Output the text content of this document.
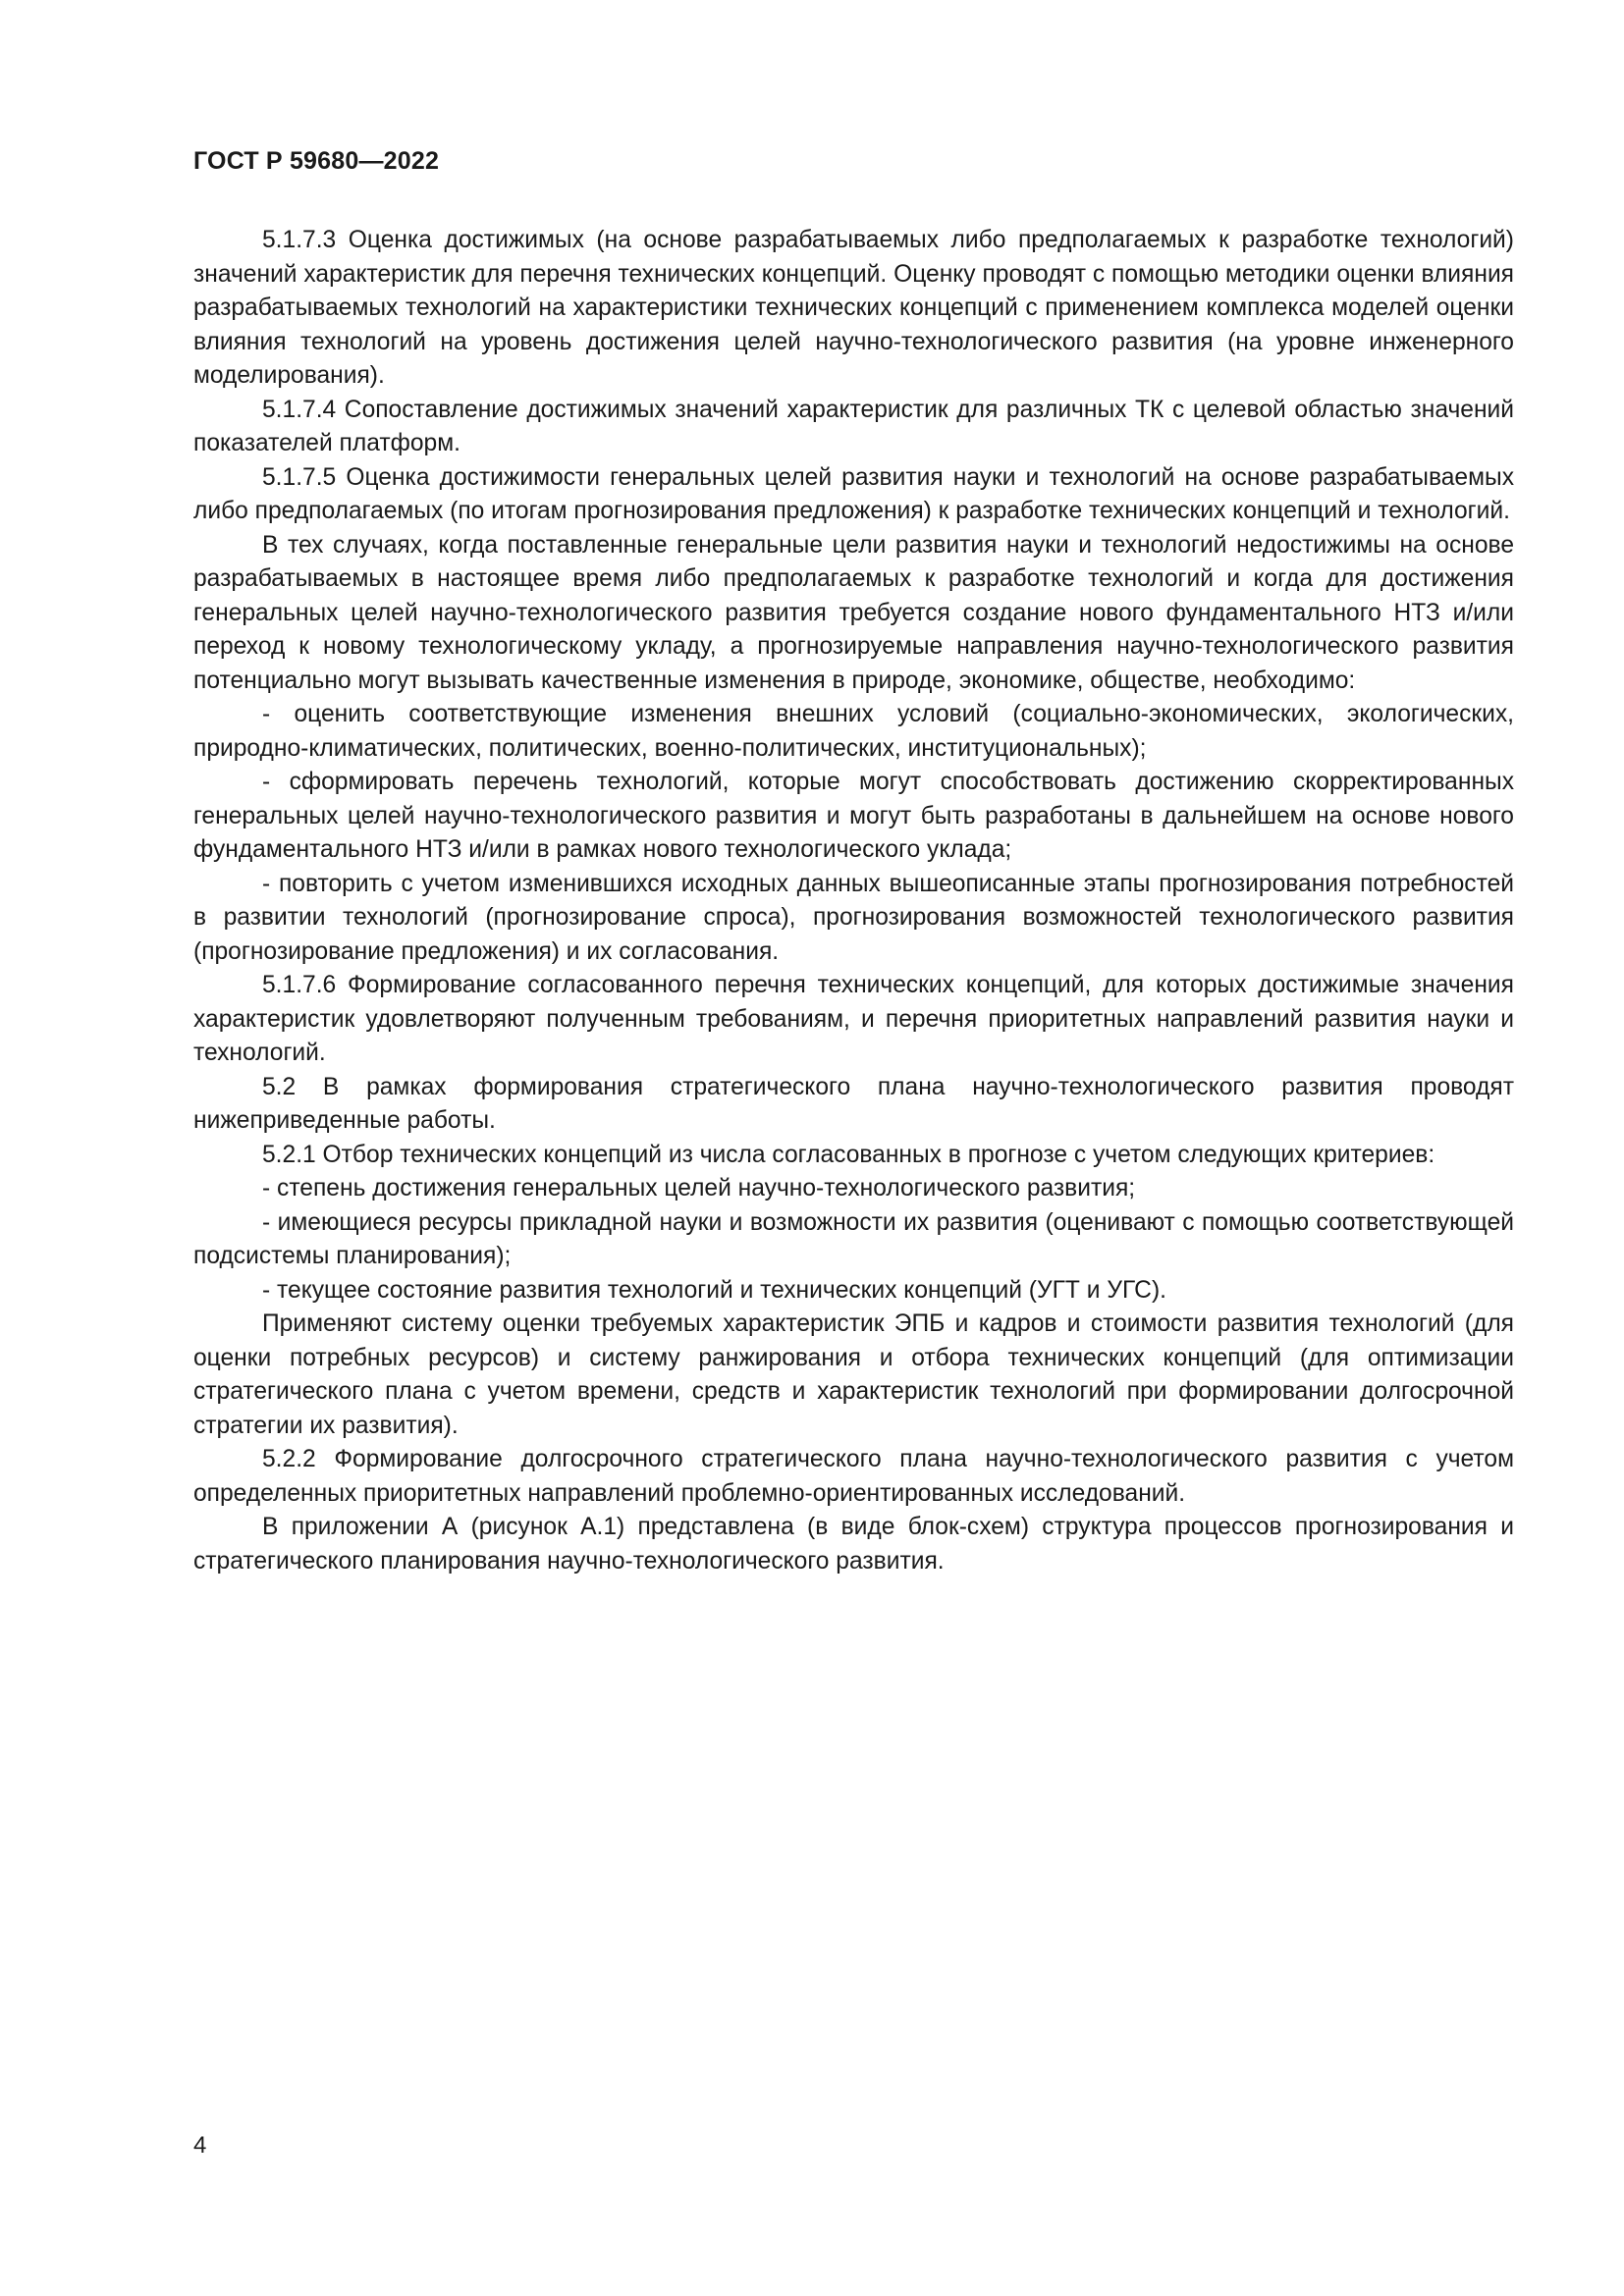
ГОСТ Р 59680—2022

5.1.7.3 Оценка достижимых (на основе разрабатываемых либо предполагаемых к разработке технологий) значений характеристик для перечня технических концепций. Оценку проводят с помощью методики оценки влияния разрабатываемых технологий на характеристики технических концепций с применением комплекса моделей оценки влияния технологий на уровень достижения целей научно-технологического развития (на уровне инженерного моделирования).

5.1.7.4 Сопоставление достижимых значений характеристик для различных ТК с целевой областью значений показателей платформ.

5.1.7.5 Оценка достижимости генеральных целей развития науки и технологий на основе разрабатываемых либо предполагаемых (по итогам прогнозирования предложения) к разработке технических концепций и технологий.

В тех случаях, когда поставленные генеральные цели развития науки и технологий недостижимы на основе разрабатываемых в настоящее время либо предполагаемых к разработке технологий и когда для достижения генеральных целей научно-технологического развития требуется создание нового фундаментального НТЗ и/или переход к новому технологическому укладу, а прогнозируемые направления научно-технологического развития потенциально могут вызывать качественные изменения в природе, экономике, обществе, необходимо:

- оценить соответствующие изменения внешних условий (социально-экономических, экологических, природно-климатических, политических, военно-политических, институциональных);

- сформировать перечень технологий, которые могут способствовать достижению скорректированных генеральных целей научно-технологического развития и могут быть разработаны в дальнейшем на основе нового фундаментального НТЗ и/или в рамках нового технологического уклада;

- повторить с учетом изменившихся исходных данных вышеописанные этапы прогнозирования потребностей в развитии технологий (прогнозирование спроса), прогнозирования возможностей технологического развития (прогнозирование предложения) и их согласования.

5.1.7.6 Формирование согласованного перечня технических концепций, для которых достижимые значения характеристик удовлетворяют полученным требованиям, и перечня приоритетных направлений развития науки и технологий.

5.2 В рамках формирования стратегического плана научно-технологического развития проводят нижеприведенные работы.

5.2.1 Отбор технических концепций из числа согласованных в прогнозе с учетом следующих критериев:

- степень достижения генеральных целей научно-технологического развития;

- имеющиеся ресурсы прикладной науки и возможности их развития (оценивают с помощью соответствующей подсистемы планирования);

- текущее состояние развития технологий и технических концепций (УГТ и УГС).

Применяют систему оценки требуемых характеристик ЭПБ и кадров и стоимости развития технологий (для оценки потребных ресурсов) и систему ранжирования и отбора технических концепций (для оптимизации стратегического плана с учетом времени, средств и характеристик технологий при формировании долгосрочной стратегии их развития).

5.2.2 Формирование долгосрочного стратегического плана научно-технологического развития с учетом определенных приоритетных направлений проблемно-ориентированных исследований.

В приложении А (рисунок А.1) представлена (в виде блок-схем) структура процессов прогнозирования и стратегического планирования научно-технологического развития.

4
